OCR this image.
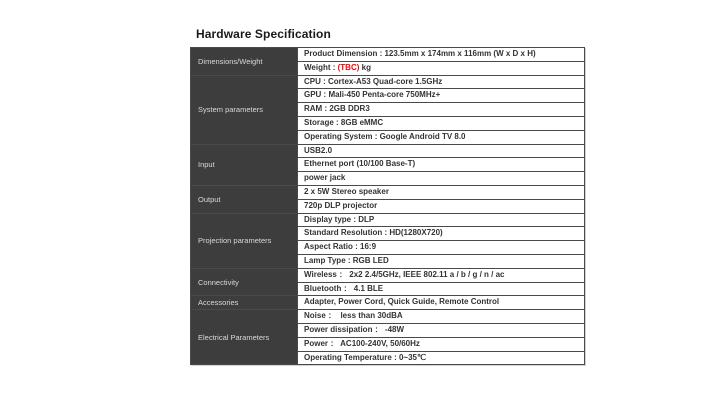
Hardware Specification
Dimensions/Weight	Product Dimension : 123.5mm x 174mm x 116mm (W x D x H)
	Weight : (TBC) kg
System parameters	CPU : Cortex-A53 Quad-core 1.5GHz
	GPU : Mali-450 Penta-core 750MHz+
	RAM : 2GB DDR3
	Storage : 8GB eMMC
	Operating System : Google Android TV 8.0
Input	USB2.0
	Ethernet port (10/100 Base-T)
	power jack
Output	2 x 5W Stereo speaker
	720p DLP projector
Projection parameters	Display type : DLP
	Standard Resolution : HD(1280X720)
	Aspect Ratio : 16:9
	Lamp Type : RGB LED
Connectivity	Wireless ： 2x2 2.4/5GHz, IEEE 802.11 a / b / g / n / ac
	Bluetooth ： 4.1 BLE
Accessories	Adapter, Power Cord, Quick Guide, Remote Control
Electrical Parameters	Noise ：  less than 30dBA
	Power dissipation ： -48W
	Power ： AC100-240V, 50/60Hz
	Operating Temperature : 0~35℃
